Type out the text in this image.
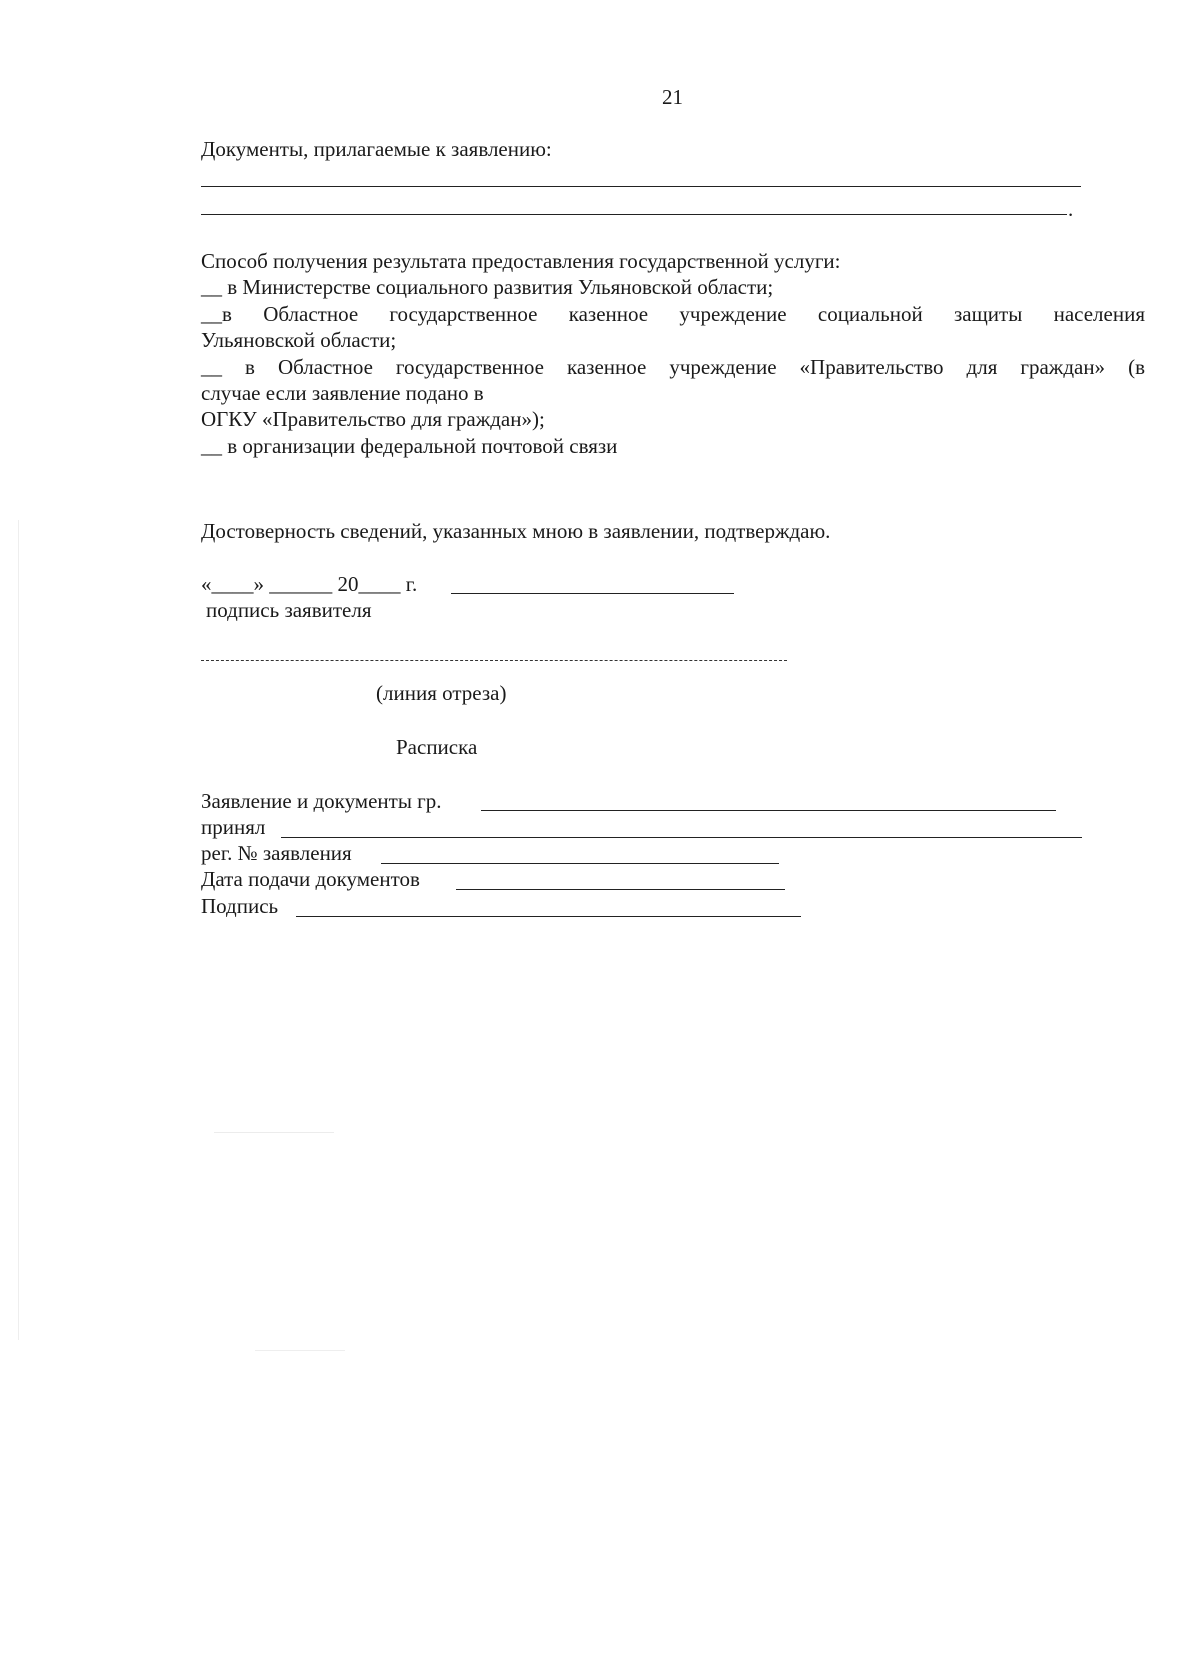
21
Документы, прилагаемые к заявлению:
.
Способ получения результата предоставления государственной услуги:
__ в Министерстве социального развития Ульяновской области;
__в Областное государственное казенное учреждение социальной защиты населения
Ульяновской области;
__ в Областное государственное казенное учреждение «Правительство для граждан» (в
случае если заявление подано в
ОГКУ «Правительство для граждан»);
__ в организации федеральной почтовой связи
Достоверность сведений, указанных мною в заявлении, подтверждаю.
«____» ______ 20____ г.
подпись заявителя
(линия отреза)
Расписка
Заявление и документы гр.
принял
рег. № заявления
Дата подачи документов
Подпись
